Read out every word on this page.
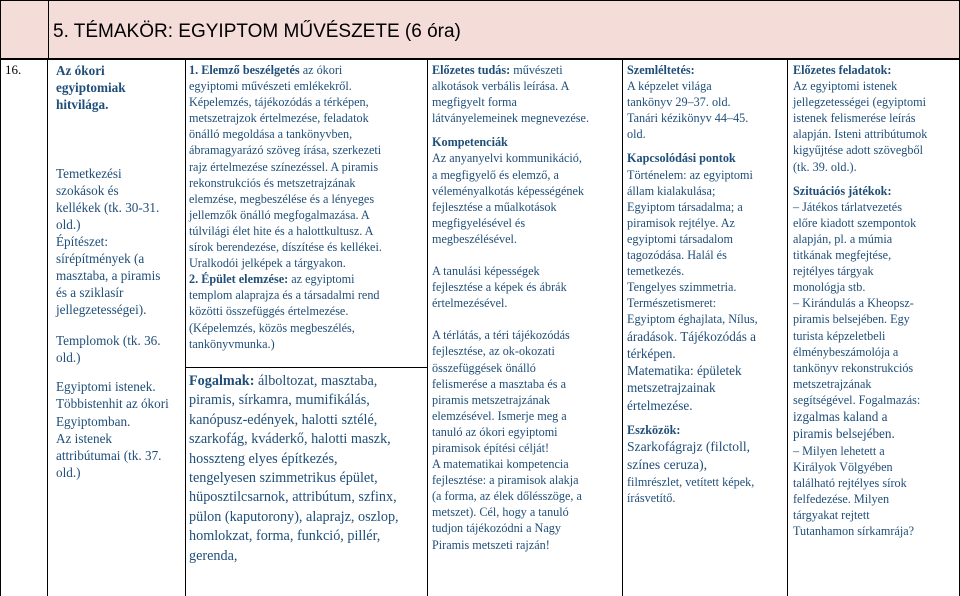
5. TÉMAKÖR: EGYIPTOM MŰVÉSZETE (6 óra)
16.	Az ókori
egyiptomiak
hitvilága.
Temetkezési
szokások és
kellékek (tk. 30-31.
old.)
Építészet:
sírépítmények (a
masztaba, a piramis
és a sziklasír
jellegzetességei).
Templomok (tk. 36.
old.)
Egyiptomi istenek.
Többistenhit az ókori
Egyiptomban.
Az istenek
attribútumai (tk. 37.
old.)
1. Elemző beszélgetés az ókori
egyiptomi művészeti emlékekről.
Képelemzés, tájékozódás a térképen,
metszetrajzok értelmezése, feladatok
önálló megoldása a tankönyvben,
ábramagyarázó szöveg írása, szerkezeti
rajz értelmezése színezéssel. A piramis
rekonstrukciós és metszetrajzának
elemzése, megbeszélése és a lényeges
jellemzők önálló megfogalmazása. A
túlvilági élet hite és a halottkultusz. A
sírok berendezése, díszítése és kellékei.
Uralkodói jelképek a tárgyakon.
2. Épület elemzése: az egyiptomi
templom alaprajza és a társadalmi rend
közötti összefüggés értelmezése.
(Képelemzés, közös megbeszélés,
tankönyvmunka.)
Fogalmak: álboltozat, masztaba,
piramis, sírkamra, mumifikálás,
kanópusz-edények, halotti sztélé,
szarkofág, kváderkő, halotti maszk,
hosszteng elyes építkezés,
tengelyesen szimmetrikus épület,
hüposztilcsarnok, attribútum, szfinx,
pülon (kaputorony), alaprajz, oszlop,
homlokzat, forma, funkció, pillér,
gerenda,
Előzetes tudás: művészeti
alkotások verbális leírása. A
megfigyelt forma
látványelemeinek megnevezése.
Kompetenciák
Az anyanyelvi kommunikáció,
a megfigyelő és elemző, a
véleményalkotás képességének
fejlesztése a műalkotások
megfigyelésével és
megbeszélésével.
A tanulási képességek
fejlesztése a képek és ábrák
értelmezésével.
A térlátás, a téri tájékozódás
fejlesztése, az ok-okozati
összefüggések önálló
felismerése a masztaba és a
piramis metszetrajzának
elemzésével. Ismerje meg a
tanuló az ókori egyiptomi
piramisok építési célját!
A matematikai kompetencia
fejlesztése: a piramisok alakja
(a forma, az élek dőlésszöge, a
metszet). Cél, hogy a tanuló
tudjon tájékozódni a Nagy
Piramis metszeti rajzán!
Szemléltetés:
A képzelet világa
tankönyv 29–37. old.
Tanári kézikönyv 44–45.
old.
Kapcsolódási pontok
Történelem: az egyiptomi
állam kialakulása;
Egyiptom társadalma; a
piramisok rejtélye. Az
egyiptomi társadalom
tagozódása. Halál és
temetkezés.
Tengelyes szimmetria.
Természetismeret:
Egyiptom éghajlata, Nílus,
áradások. Tájékozódás a
térképen.
Matematika: épületek
metszetrajzainak
értelmezése.
Eszközök:
Szarkofágrajz (filctoll,
színes ceruza),
filmrészlet, vetített képek,
írásvetítő.
Előzetes feladatok:
Az egyiptomi istenek
jellegzetességei (egyiptomi
istenek felismerése leírás
alapján. Isteni attribútumok
kigyűjtése adott szövegből
(tk. 39. old.).
Szituációs játékok:
– Játékos tárlatvezetés
előre kiadott szempontok
alapján, pl. a múmia
titkának megfejtése,
rejtélyes tárgyak
monológja stb.
– Kirándulás a Kheopsz-
piramis belsejében. Egy
turista képzeletbeli
élménybeszámolója a
tankönyv rekonstrukciós
metszetrajzának
segítségével. Fogalmazás:
izgalmas kaland a
piramis belsejében.
– Milyen lehetett a
Királyok Völgyében
található rejtélyes sírok
felfedezése. Milyen
tárgyakat rejtett
Tutanhamon sírkamrája?
